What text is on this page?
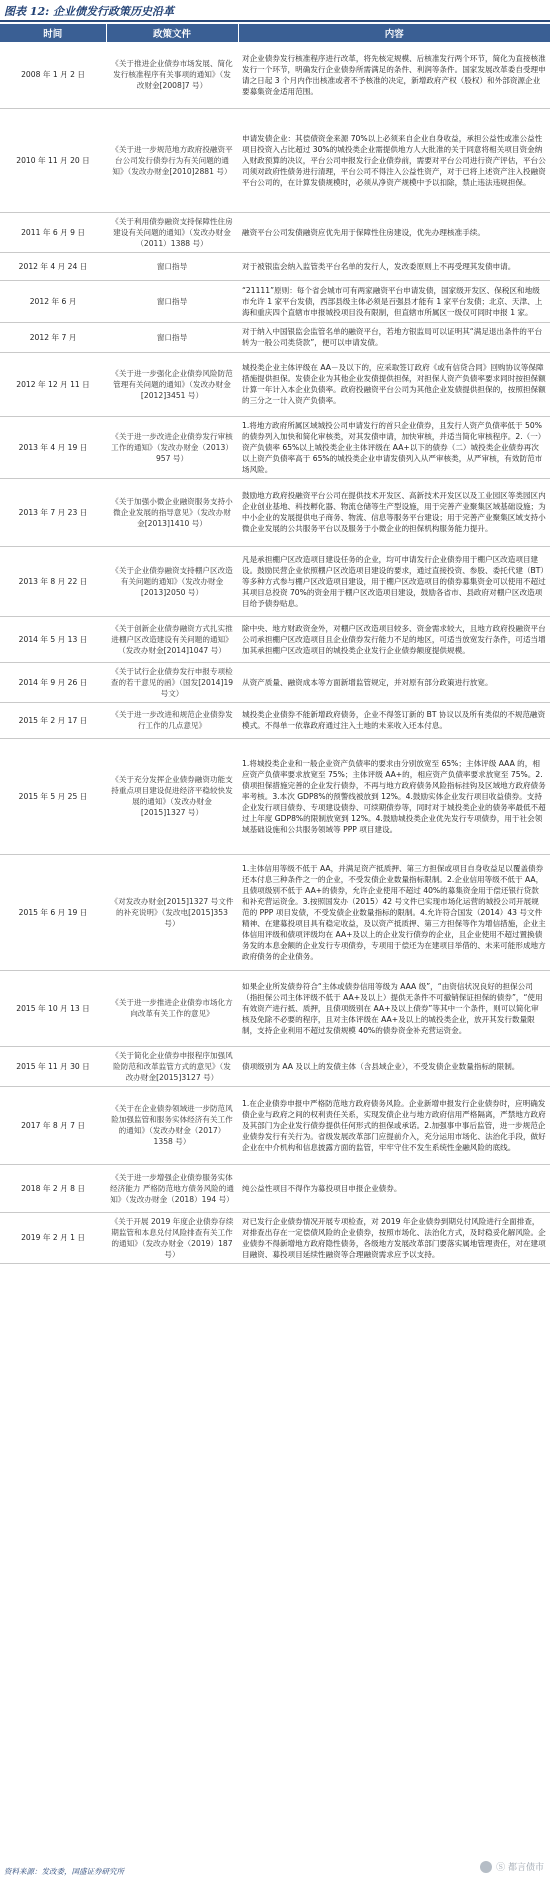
图表 12: 企业债发行政策历史沿革
时间	政策文件	内容
2008 年 1 月 2 日	《关于推进企业债券市场发展、简化发行核准程序有关事项的通知》（发改财金[2008]7 号）	对企业债券发行核准程序进行改革，将先核定规模、后核准发行两个环节，简化为直接核准发行一个环节，明确发行企业债券所需满足的条件、利润等条件。国家发展改革委自受理申请之日起 3 个月内作出核准或者不予核准的决定，新增政府产权（股权）和外部资源企业要募集资金适用范围。
2010 年 11 月 20 日	《关于进一步规范地方政府投融资平台公司发行债券行为有关问题的通知》（发改办财金[2010]2881 号）	申请发债企业：其偿债资金来源 70%以上必须来自企业自身收益，承担公益性或准公益性项目投资入占比超过 30%的城投类企业需提供地方人大批准的关于同意将相关项目资金纳入财政预算的决议，平台公司申报发行企业债券前，需要对平台公司进行资产评估，平台公司须对政府性债务进行清理，平台公司不得注入公益性资产，对于已将上述资产注入投融资平台公司的，在计算发债规模时，必须从净资产规模中予以扣除，禁止违法违规担保。
2011 年 6 月 9 日	《关于利用债券融资支持保障性住房建设有关问题的通知》（发改办财金（2011）1388 号）	融资平台公司发债融资应优先用于保障性住房建设，优先办理核准手续。
2012 年 4 月 24 日	窗口指导	对于被银监会纳入监管类平台名单的发行人，发改委原则上不再受理其发债申请。
2012 年 6 月	窗口指导	“21111”原则：每个省会城市可有两家融资平台申请发债，国家级开发区、保税区和地级市允许 1 家平台发债，西部县级主体必须是百强县才能有 1 家平台发债；北京、天津、上海和重庆四个直辖市申报城投项目没有限制，但直辖市所属区一级仅可同时申报 1 家。
2012 年 7 月	窗口指导	对于纳入中国银监会监管名单的融资平台，若地方银监局可以证明其“满足退出条件的平台转为一般公司类贷款”，便可以申请发债。
2012 年 12 月 11 日	《关于进一步强化企业债券风险防范管理有关问题的通知》（发改办财金[2012]3451 号）	城投类企业主体评级在 AA－及以下的，应采取签订政府《或有信贷合同》回购协议等保障措施提供担保。发债企业为其他企业发债提供担保，对担保人资产负债率要求同时按担保额计算一年计入本企业负债率。政府投融资平台公司为其他企业发债提供担保的，按照担保额的三分之一计入资产负债率。
2013 年 4 月 19 日	《关于进一步改进企业债券发行审核工作的通知》（发改办财金（2013）957 号）	1.将地方政府所属区域城投公司申请发行的首只企业债券，且发行人资产负债率低于 50%的债券列入加快和简化审核类，对其发债申请，加快审核，并适当简化审核程序。2.（一）资产负债率 65%以上城投类企业主体评级在 AA+以下的债券（二）城投类企业债券再次以上资产负债率高于 65%的城投类企业申请发债列入从严审核类，从严审核，有效防范市场风险。
2013 年 7 月 23 日	《关于加强小微企业融资服务支持小微企业发展的指导意见》（发改办财金[2013]1410 号）	鼓励地方政府投融资平台公司在提供技术开发区、高新技术开发区以及工业园区等类园区内企业创业基地、科技孵化器、物流仓储等生产型设施，用于完善产业聚集区域基础设施；为中小企业的发展提供电子商务、物流、信息等服务平台建设；用于完善产业聚集区域支持小微企业发展的公共服务平台以及服务于小微企业的担保机构服务能力提升。
2013 年 8 月 22 日	《关于企业债券融资支持棚户区改造有关问题的通知》（发改办财金[2013]2050 号）	凡是承担棚户区改造项目建设任务的企业，均可申请发行企业债券用于棚户区改造项目建设。鼓励民营企业依照棚户区改造项目建设的要求，通过直接投资、参股、委托代建（BT）等多种方式参与棚户区改造项目建设，用于棚户区改造项目的债券募集资金可以使用不超过其项目总投资 70%的资金用于棚户区改造项目建设，鼓励各省市、县政府对棚户区改造项目给予债券贴息。
2014 年 5 月 13 日	《关于创新企业债券融资方式扎实推进棚户区改造建设有关问题的通知》（发改办财金[2014]1047 号）	除中央、地方财政资金外，对棚户区改造项目较多、资金需求较大，且地方政府投融资平台公司承担棚户区改造项目且企业债券发行能力不足的地区，可适当放宽发行条件，可适当增加其承担棚户区改造项目的城投类企业发行企业债券额度提供规模。
2014 年 9 月 26 日	《关于试行企业债券发行申报专项检查的若干意见的函》（国发[2014]19 号文）	从资产质量、融资成本等方面新增监管规定，并对原有部分政策进行放宽。
2015 年 2 月 17 日	《关于进一步改进和规范企业债券发行工作的几点意见》	城投类企业债券不能新增政府债务，企业不得签订新的 BT 协议以及所有类似的不规范融资模式。不得单一依靠政府通过注入土地的未来收入还本付息。
2015 年 5 月 25 日	《关于充分发挥企业债券融资功能支持重点项目建设促进经济平稳较快发展的通知》（发改办财金[2015]1327 号）	1.将城投类企业和一般企业资产负债率的要求由分别放宽至 65%；主体评级 AAA 的，相应资产负债率要求放宽至 75%；主体评级 AA+的，相应资产负债率要求放宽至 75%。2.债项担保措施完善的企业发行债券，不再与地方政府债务风险指标挂钩及区域地方政府债务率考核。3.本次 GDP8%的预警线被放到 12%。4.鼓励实体企业发行项目收益债券。支持企业发行项目债券、专项建设债券、可续期债券等，同时对于城投类企业的债务率最低不超过上年度 GDP8%的限制放宽到 12%。4.鼓励城投类企业优先发行专项债券，用于社会领域基础设施和公共服务领域等 PPP 项目建设。
2015 年 6 月 19 日	《对发改办财金[2015]1327 号文件的补充说明》（发改电[2015]353 号）	1.主体信用等级不低于 AA，并满足资产抵质押、第三方担保或项目自身收益足以覆盖债券还本付息三种条件之一的企业，不受发债企业数量指标限制。2.企业信用等级不低于 AA，且债项级别不低于 AA+的债券，允许企业使用不超过 40%的募集资金用于偿还银行贷款和补充营运资金。3.按照国发办（2015）42 号文件已实现市场化运营的城投公司开展规范的 PPP 项目发债，不受发债企业数量指标的限制。4.允许符合国发（2014）43 号文件精神、在建募投项目具有稳定收益，及以资产抵质押、第三方担保等作为增信措施，企业主体信用评级和债项评级均在 AA+及以上的企业发行债券的企业，且企业使用不超过置换债务发的本息金额的企业发行专项债券，专项用于偿还为在建项目举借的、未来可能形成地方政府债务的企业债务。
2015 年 10 月 13 日	《关于进一步推进企业债券市场化方向改革有关工作的意见》	如果企业所发债券符合“主体或债券信用等级为 AAA 级”，“由资信状况良好的担保公司（指担保公司主体评级不低于 AA+及以上）提供无条件不可撤销保证担保的债券”，“使用有效资产进行抵、质押，且债项级别在 AA+及以上债券”等其中一个条件，则可以简化审核及免除不必要的程序，且对主体评级在 AA+及以上的城投类企业，放开其发行数量限制，支持企业利用不超过发债规模 40%的债券资金补充营运资金。
2015 年 11 月 30 日	《关于简化企业债券申报程序加强风险防范和改革监管方式的意见》（发改办财金[2015]3127 号）	债项级别为 AA 及以上的发债主体（含县域企业），不受发债企业数量指标的限制。
2017 年 8 月 7 日	《关于在企业债券领域进一步防范风险加强监管和服务实体经济有关工作的通知》（发改办财金（2017）1358 号）	1.在企业债券申报中严格防范地方政府债务风险。企业新增申报发行企业债券时，应明确发债企业与政府之间的权利责任关系，实现发债企业与地方政府信用严格隔离，严禁地方政府及其部门为企业发行债券提供任何形式的担保或承诺。2.加强事中事后监管，进一步规范企业债券发行有关行为。省级发展改革部门应提前介入，充分运用市场化、法治化手段，做好企业在中介机构和信息披露方面的监管，牢牢守住不发生系统性金融风险的底线。
2018 年 2 月 8 日	《关于进一步增强企业债券服务实体经济能力 严格防范地方债务风险的通知》（发改办财金（2018）194 号）	纯公益性项目不得作为募投项目申报企业债券。
2019 年 2 月 1 日	《关于开展 2019 年度企业债券存续期监管和本息兑付风险排查有关工作的通知》（发改办财金（2019）187 号）	对已发行企业债券情况开展专项检查，对 2019 年企业债券到期兑付风险进行全面排查，对排查出存在一定偿债风险的企业债券，按照市场化、法治化方式，及时稳妥化解风险。企业债券不得新增地方政府隐性债务，各级地方发展改革部门要落实属地管理责任，对在建项目融资、募投项目延续性融资等合理融资需求应予以支持。
资料来源：发改委，国盛证券研究所	Ⓢ 都言债市
